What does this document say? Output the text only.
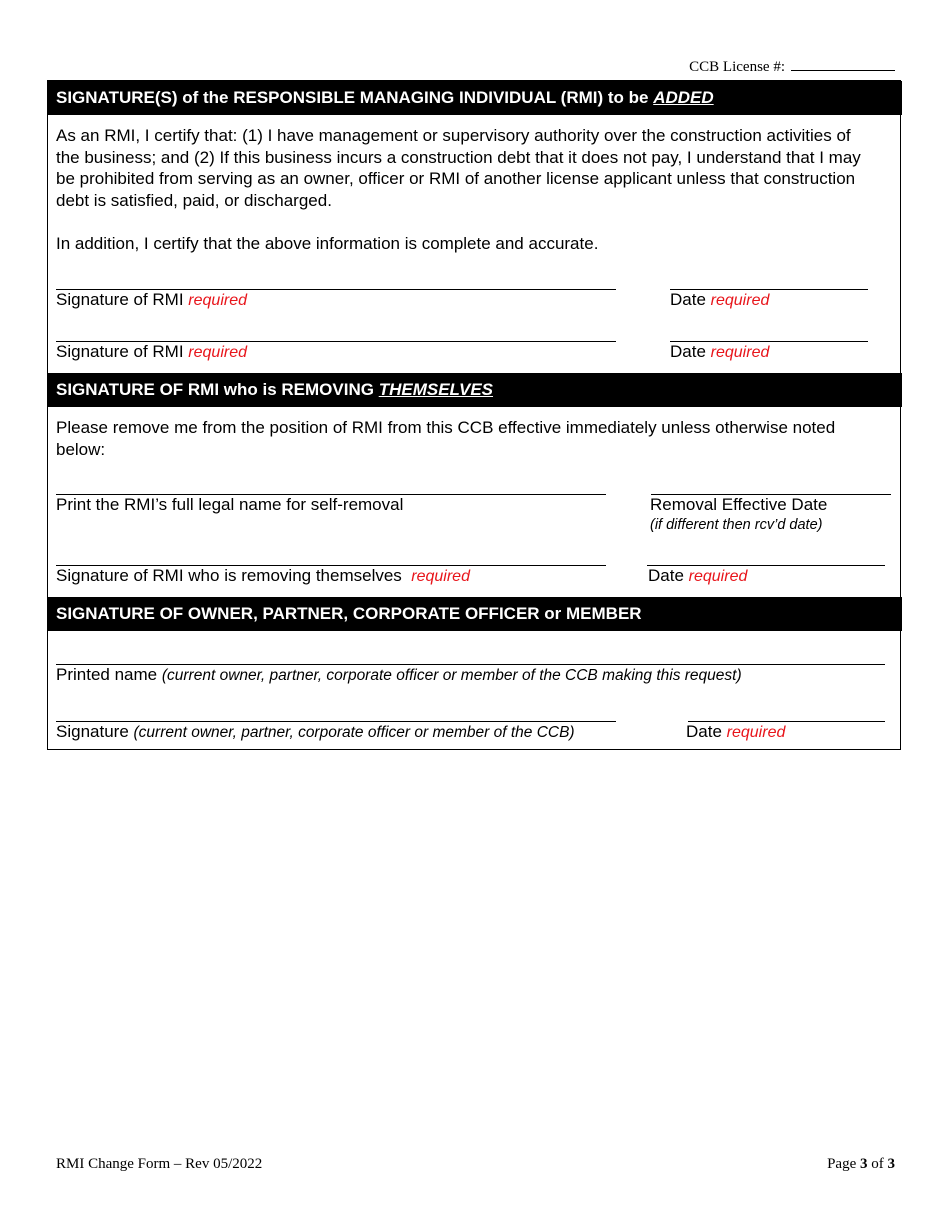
CCB License #:
SIGNATURE(S) of the RESPONSIBLE MANAGING INDIVIDUAL (RMI) to be ADDED
As an RMI, I certify that: (1) I have management or supervisory authority over the construction activities of the business; and (2) If this business incurs a construction debt that it does not pay, I understand that I may be prohibited from serving as an owner, officer or RMI of another license applicant unless that construction debt is satisfied, paid, or discharged.
In addition, I certify that the above information is complete and accurate.
Signature of RMI required	Date required
Signature of RMI required	Date required
SIGNATURE OF RMI who is REMOVING THEMSELVES
Please remove me from the position of RMI from this CCB effective immediately unless otherwise noted below:
Print the RMI’s full legal name for self-removal	Removal Effective Date
(if different then rcv’d date)
Signature of RMI who is removing themselves required	Date required
SIGNATURE OF OWNER, PARTNER, CORPORATE OFFICER or MEMBER
Printed name (current owner, partner, corporate officer or member of the CCB making this request)
Signature (current owner, partner, corporate officer or member of the CCB)	Date required
RMI Change Form – Rev 05/2022	Page 3 of 3
